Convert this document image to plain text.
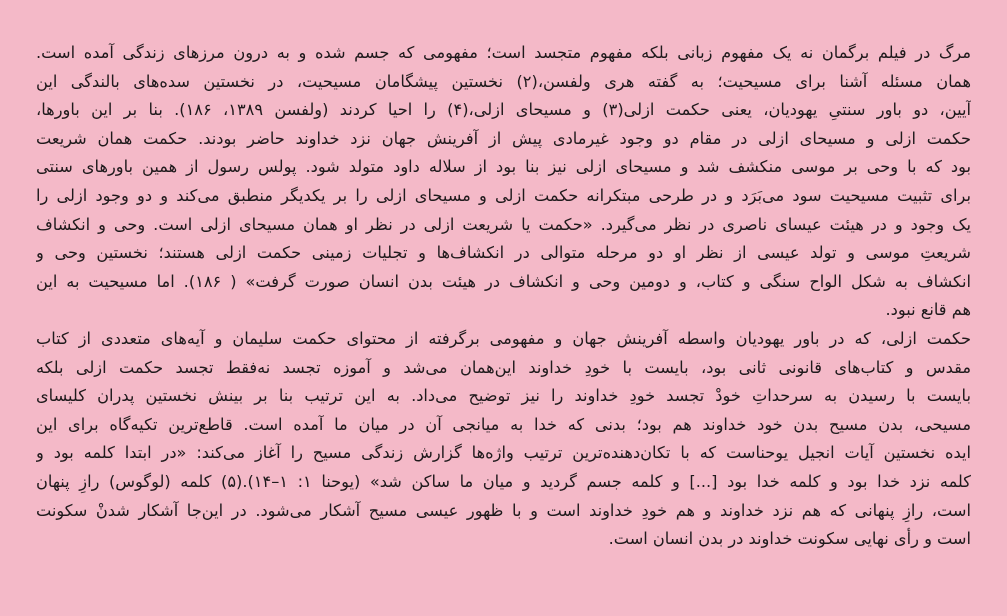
مرگ در فیلم برگمان نه یک مفهوم زبانی بلکه مفهوم متجسد است؛ مفهومی که جسم شده و به درون مرزهای زندگی آمده است.
همان مسئله آشنا برای مسیحیت؛ به گفته هری ولفسن،(۲) نخستین پیشگامان مسیحیت، در نخستین سده‌های بالندگی این
آیین، دو باور سنتیِ یهودیان، یعنی حکمت ازلی(۳) و مسیحای ازلی،(۴) را احیا کردند (ولفسن ۱۳۸۹، ۱۸۶). بنا بر این باورها،
حکمت ازلی و مسیحای ازلی در مقام دو وجود غیرمادی پیش از آفرینش جهان نزد خداوند حاضر بودند. حکمت همان شریعت
بود که با وحی بر موسی منکشف شد و مسیحای ازلی نیز بنا بود از سلاله داود متولد شود. پولس رسول از همین باورهای سنتی
برای تثبیت مسیحیت سود می‌بَرَد و در طرحی مبتکرانه حکمت ازلی و مسیحای ازلی را بر یکدیگر منطبق می‌کند و دو وجود ازلی را
یک وجود و در هیئت عیسای ناصری در نظر می‌گیرد. «حکمت یا شریعت ازلی در نظر او همان مسیحای ازلی است. وحی و انکشاف
شریعتِ موسی و تولد عیسی از نظر او دو مرحله متوالی در انکشاف‌ها و تجلیات زمینی حکمت ازلی هستند؛ نخستین وحی و
انکشاف به شکل الواح سنگی و کتاب، و دومین وحی و انکشاف در هیئت بدن انسان صورت گرفت» ( ۱۸۶). اما مسیحیت به این
هم قانع نبود.
حکمت ازلی، که در باور یهودیان واسطه آفرینش جهان و مفهومی برگرفته از محتوای حکمت سلیمان و آیه‌های متعددی از کتاب
مقدس و کتاب‌های قانونی ثانی بود، بایست با خودِ خداوند این‌همان می‌شد و آموزه تجسد نه‌فقط تجسد حکمت ازلی بلکه
بایست با رسیدن به سرحداتِ خودْ تجسد خودِ خداوند را نیز توضیح می‌داد. به این ترتیب بنا بر بینش نخستین پدران کلیسای
مسیحی، بدن مسیح بدن خود خداوند هم بود؛ بدنی که خدا به میانجی آن در میان ما آمده است. قاطع‌ترین تکیه‌گاه برای این
ایده نخستین آیات انجیل یوحناست که با تکان‌دهنده‌ترین ترتیب واژه‌ها گزارش زندگی مسیح را آغاز می‌کند: «در ابتدا کلمه بود و
کلمه نزد خدا بود و کلمه خدا بود [...] و کلمه جسم گردید و میان ما ساکن شد» (یوحنا ۱: ۱–۱۴).(۵) کلمه (لوگوس) رازِ پنهان
است، رازِ پنهانی که هم نزد خداوند و هم خودِ خداوند است و با ظهور عیسی مسیح آشکار می‌شود. در این‌جا آشکار شدنْ سکونت
است و رأی نهایی سکونت خداوند در بدن انسان است.
